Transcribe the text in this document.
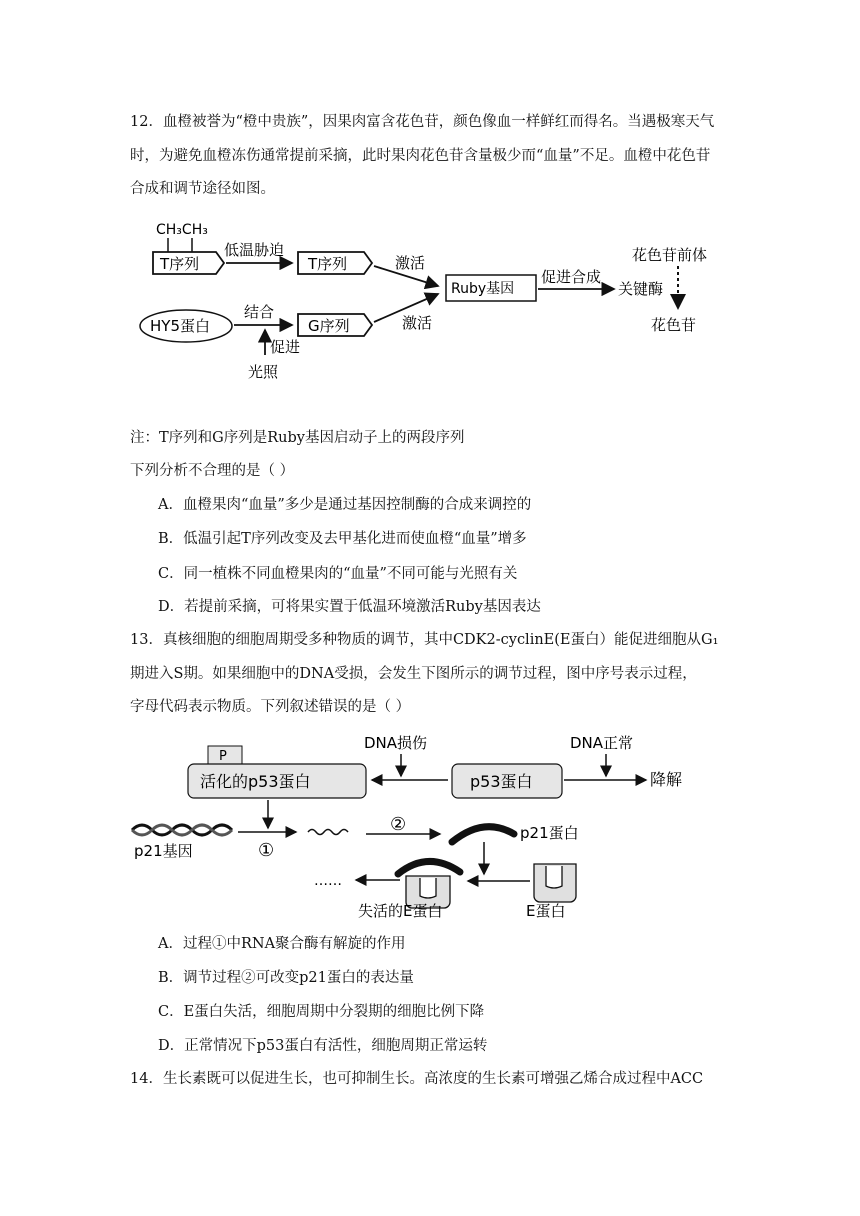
12．血橙被誉为“橙中贵族”，因果肉富含花色苷，颜色像血一样鲜红而得名。当遇极寒天气
时，为避免血橙冻伤通常提前采摘，此时果肉花色苷含量极少而“血量”不足。血橙中花色苷
合成和调节途径如图。
CH₃CH₃
T序列
低温胁迫
T序列	激活
Ruby基因
促进合成
关键酶
花色苷前体
花色苷
HY5蛋白
结合
G序列	激活
促进
光照
注：T序列和G序列是Ruby基因启动子上的两段序列
下列分析不合理的是（ ）
A．血橙果肉“血量”多少是通过基因控制酶的合成来调控的
B．低温引起T序列改变及去甲基化进而使血橙“血量”增多
C．同一植株不同血橙果肉的“血量”不同可能与光照有关
D．若提前采摘，可将果实置于低温环境激活Ruby基因表达
13．真核细胞的细胞周期受多种物质的调节，其中CDK2-cyclinE(E蛋白）能促进细胞从G₁
期进入S期。如果细胞中的DNA受损，会发生下图所示的调节过程，图中序号表示过程，
字母代码表示物质。下列叙述错误的是（ ）
P
活化的p53蛋白
DNA损伤
p53蛋白
DNA正常
降解
p21基因	①
②	p21蛋白
……
失活的E蛋白	E蛋白
A．过程①中RNA聚合酶有解旋的作用
B．调节过程②可改变p21蛋白的表达量
C．E蛋白失活，细胞周期中分裂期的细胞比例下降
D．正常情况下p53蛋白有活性，细胞周期正常运转
14．生长素既可以促进生长，也可抑制生长。高浓度的生长素可增强乙烯合成过程中ACC
